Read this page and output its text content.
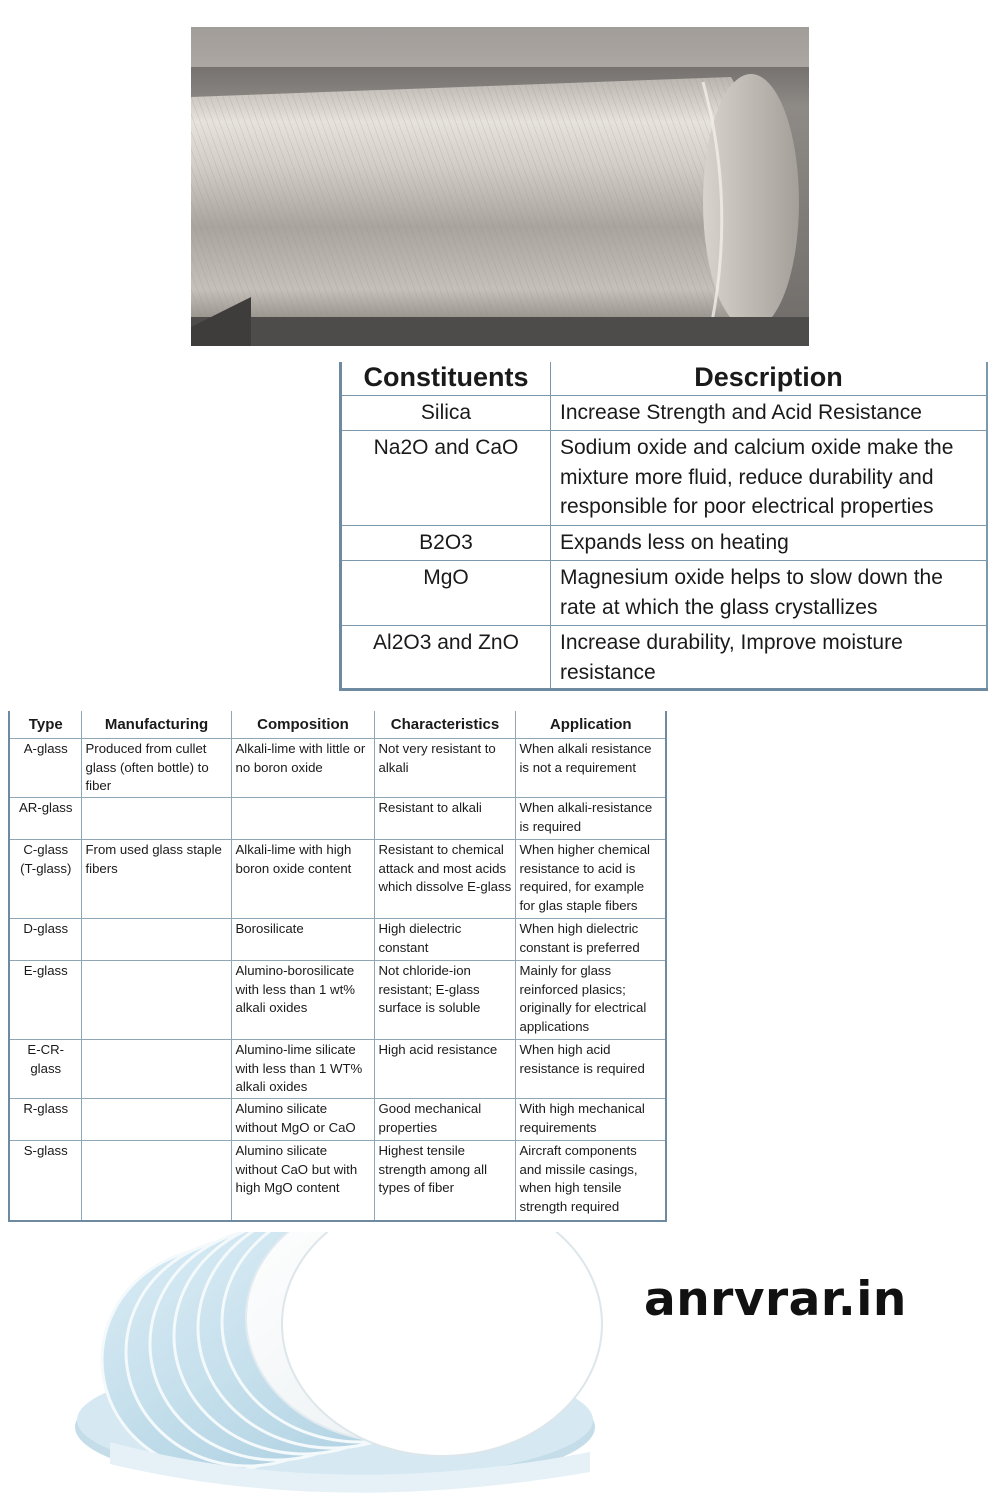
Constituents	Description
Silica	Increase Strength and Acid Resistance
Na2O and CaO	Sodium oxide and calcium oxide make the mixture more fluid, reduce durability and responsible for poor electrical properties
B2O3	Expands less on heating
MgO	Magnesium oxide helps to slow down the rate at which the glass crystallizes
Al2O3 and ZnO	Increase durability, Improve moisture resistance
Type	Manufacturing	Composition	Characteristics	Application
A-glass	Produced from cullet glass (often bottle) to fiber	Alkali-lime with little or no boron oxide	Not very resistant to alkali	When alkali resistance is not a requirement
AR-glass			Resistant to alkali	When alkali-resistance is required
C-glass (T-glass)	From used glass staple fibers	Alkali-lime with high boron oxide content	Resistant to chemical attack and most acids which dissolve E-glass	When higher chemical resistance to acid is required, for example for glas staple fibers
D-glass		Borosilicate	High dielectric constant	When high dielectric constant is preferred
E-glass		Alumino-borosilicate with less than 1 wt% alkali oxides	Not chloride-ion resistant; E-glass surface is soluble	Mainly for glass reinforced plasics; originally for electrical applications
E-CR-glass		Alumino-lime silicate with less than 1 WT% alkali oxides	High acid resistance	When high acid resistance is required
R-glass		Alumino silicate without MgO or CaO	Good mechanical properties	With high mechanical requirements
S-glass		Alumino silicate without CaO but with high MgO content	Highest tensile strength among all types of fiber	Aircraft components and missile casings, when high tensile strength required
anrvrar.in
